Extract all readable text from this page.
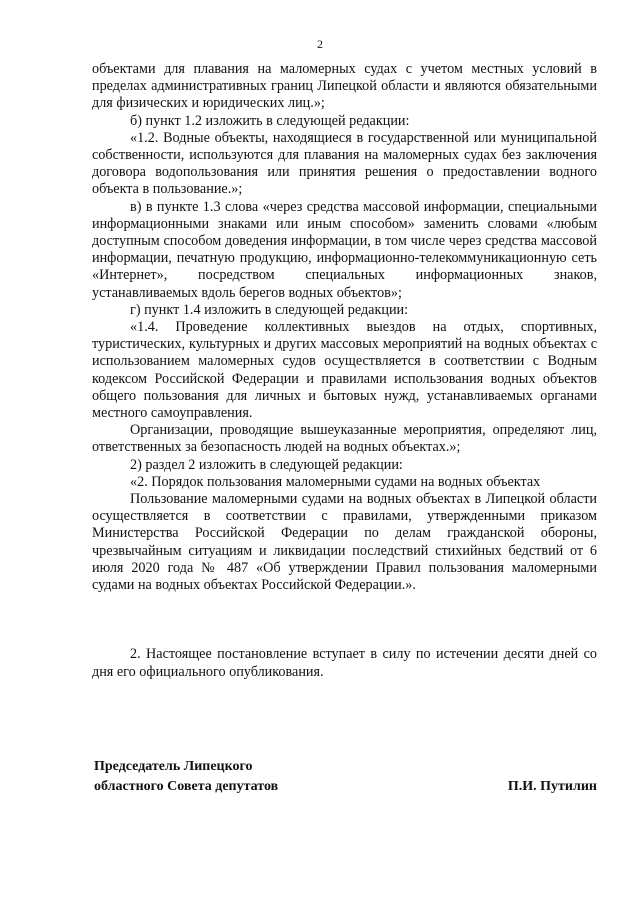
2

объектами для плавания на маломерных судах с учетом местных условий в пределах административных границ Липецкой области и являются обязательными для физических и юридических лиц.»;

б) пункт 1.2 изложить в следующей редакции:

«1.2. Водные объекты, находящиеся в государственной или муниципальной собственности, используются для плавания на маломерных судах без заключения договора водопользования или принятия решения о предоставлении водного объекта в пользование.»;

в) в пункте 1.3 слова «через средства массовой информации, специальными информационными знаками или иным способом» заменить словами «любым доступным способом доведения информации, в том числе через средства массовой информации, печатную продукцию, информационно-телекоммуникационную сеть «Интернет», посредством специальных информационных знаков, устанавливаемых вдоль берегов водных объектов»;

г) пункт 1.4 изложить в следующей редакции:

«1.4. Проведение коллективных выездов на отдых, спортивных, туристических, культурных и других массовых мероприятий на водных объектах с использованием маломерных судов осуществляется в соответствии с Водным кодексом Российской Федерации и правилами использования водных объектов общего пользования для личных и бытовых нужд, устанавливаемых органами местного самоуправления.

Организации, проводящие вышеуказанные мероприятия, определяют лиц, ответственных за безопасность людей на водных объектах.»;

2) раздел 2 изложить в следующей редакции:

«2. Порядок пользования маломерными судами на водных объектах

Пользование маломерными судами на водных объектах в Липецкой области осуществляется в соответствии с правилами, утвержденными приказом Министерства Российской Федерации по делам гражданской обороны, чрезвычайным ситуациям и ликвидации последствий стихийных бедствий от 6 июля 2020 года № 487 «Об утверждении Правил пользования маломерными судами на водных объектах Российской Федерации.».

2. Настоящее постановление вступает в силу по истечении десяти дней со дня его официального опубликования.

Председатель Липецкого
областного Совета депутатов	П.И. Путилин
